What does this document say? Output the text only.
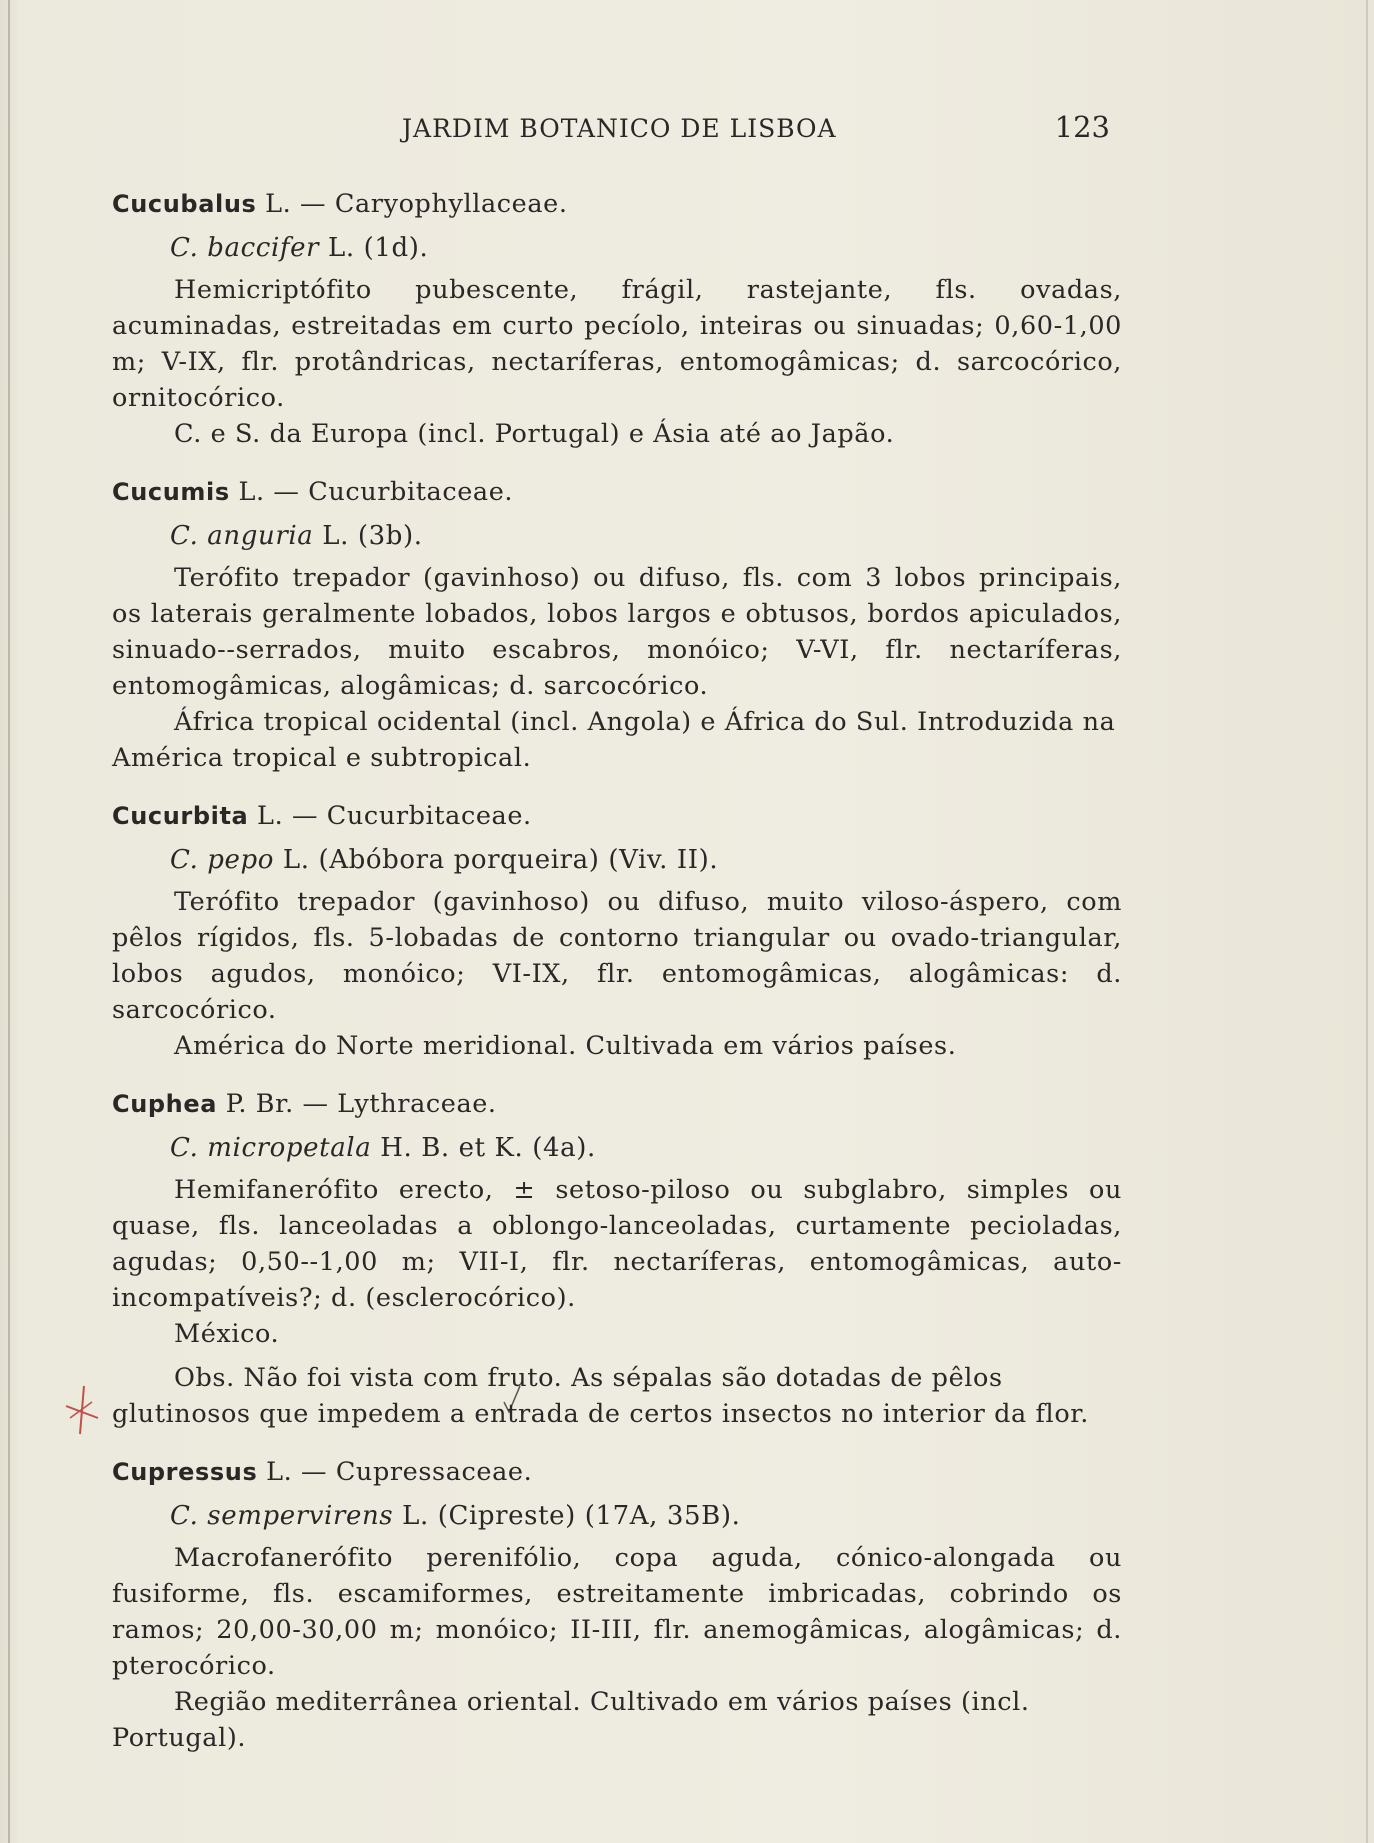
JARDIM BOTANICO DE LISBOA	123

Cucubalus L. — Caryophyllaceae.

C. baccifer L. (1d).

Hemicriptófito pubescente, frágil, rastejante, fls. ovadas, acuminadas, estreitadas em curto pecíolo, inteiras ou sinuadas; 0,60-1,00 m; V-IX, flr. protândricas, nectaríferas, entomogâmicas; d. sarcocórico, ornitocórico.

C. e S. da Europa (incl. Portugal) e Ásia até ao Japão.

Cucumis L. — Cucurbitaceae.

C. anguria L. (3b).

Terófito trepador (gavinhoso) ou difuso, fls. com 3 lobos principais, os laterais geralmente lobados, lobos largos e obtusos, bordos apiculados, sinuado--serrados, muito escabros, monóico; V-VI, flr. nectaríferas, entomogâmicas, alogâmicas; d. sarcocórico.

África tropical ocidental (incl. Angola) e África do Sul. Introduzida na América tropical e subtropical.

Cucurbita L. — Cucurbitaceae.

C. pepo L. (Abóbora porqueira) (Viv. II).

Terófito trepador (gavinhoso) ou difuso, muito viloso-áspero, com pêlos rígidos, fls. 5-lobadas de contorno triangular ou ovado-triangular, lobos agudos, monóico; VI-IX, flr. entomogâmicas, alogâmicas: d. sarcocórico.

América do Norte meridional. Cultivada em vários países.

Cuphea P. Br. — Lythraceae.

C. micropetala H. B. et K. (4a).

Hemifanerófito erecto, ± setoso-piloso ou subglabro, simples ou quase, fls. lanceoladas a oblongo-lanceoladas, curtamente pecioladas, agudas; 0,50--1,00 m; VII-I, flr. nectaríferas, entomogâmicas, auto-incompatíveis?; d. (esclerocórico).

México.

Obs. Não foi vista com fruto. As sépalas são dotadas de pêlos glutinosos que impedem a entrada de certos insectos no interior da flor.

Cupressus L. — Cupressaceae.

C. sempervirens L. (Cipreste) (17A, 35B).

Macrofanerófito perenifólio, copa aguda, cónico-alongada ou fusiforme, fls. escamiformes, estreitamente imbricadas, cobrindo os ramos; 20,00-30,00 m; monóico; II-III, flr. anemogâmicas, alogâmicas; d. pterocórico.

Região mediterrânea oriental. Cultivado em vários países (incl. Portugal).
